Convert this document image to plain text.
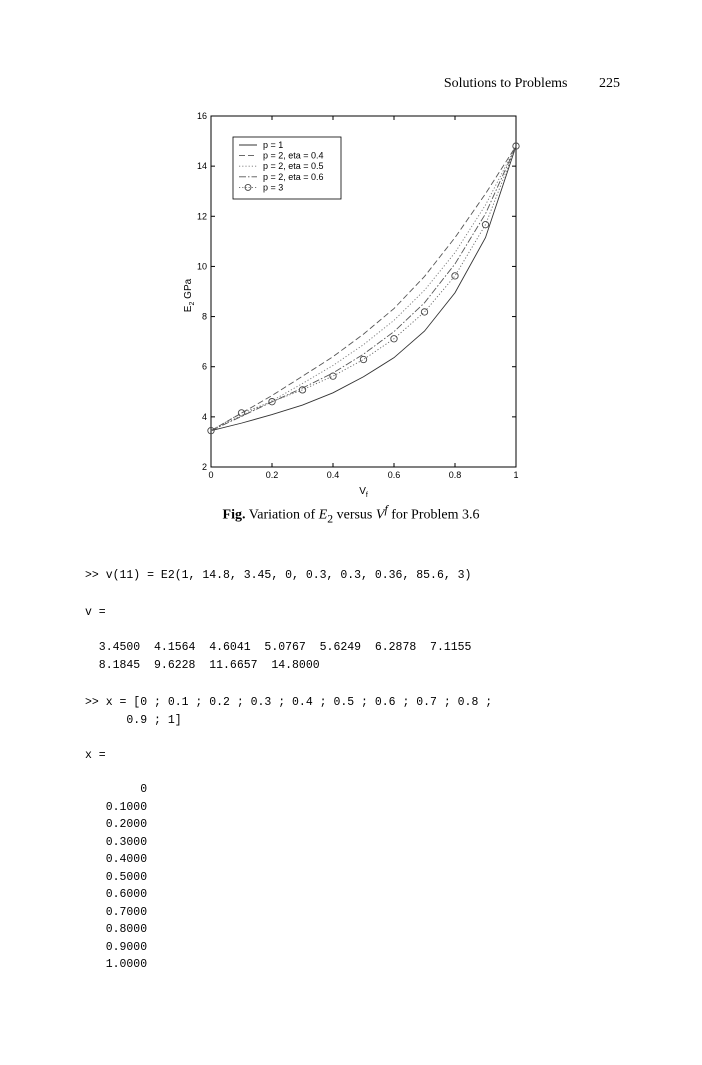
Solutions to Problems 225
0	0.2	0.4	0.6	0.8	1
2
4
6
8
10
12
14
16
$V_f$
$E_2$ GPa
p = 1
p = 2, eta = 0.4
p = 2, eta = 0.5
p = 2, eta = 0.6
p = 3
Fig. Variation of $E_2$ versus $V^f$ for Problem 3.6
>> v(11) = E2(1, 14.8, 3.45, 0, 0.3, 0.3, 0.36, 85.6, 3)
v =
3.4500  4.1564  4.6041  5.0767  5.6249  6.2878  7.1155
8.1845  9.6228  11.6657  14.8000
>> x = [0 ; 0.1 ; 0.2 ; 0.3 ; 0.4 ; 0.5 ; 0.6 ; 0.7 ; 0.8 ;
0.9 ; 1]
x =
0
0.1000
0.2000
0.3000
0.4000
0.5000
0.6000
0.7000
0.8000
0.9000
1.0000
